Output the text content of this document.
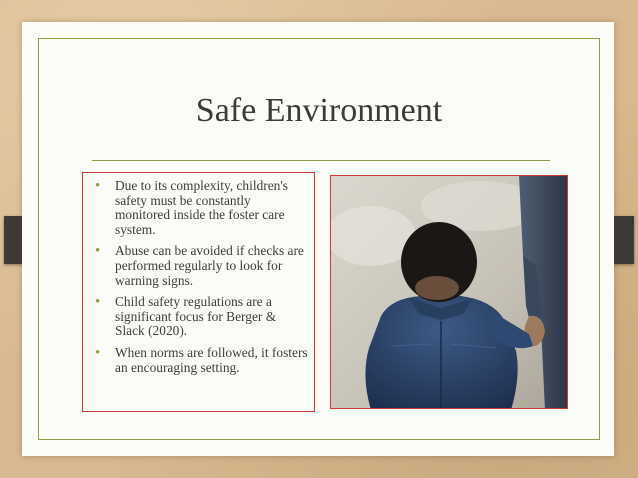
Safe Environment
• Due to its complexity, children's safety must be constantly monitored inside the foster care system.
• Abuse can be avoided if checks are performed regularly to look for warning signs.
• Child safety regulations are a significant focus for Berger & Slack (2020).
• When norms are followed, it fosters an encouraging setting.
